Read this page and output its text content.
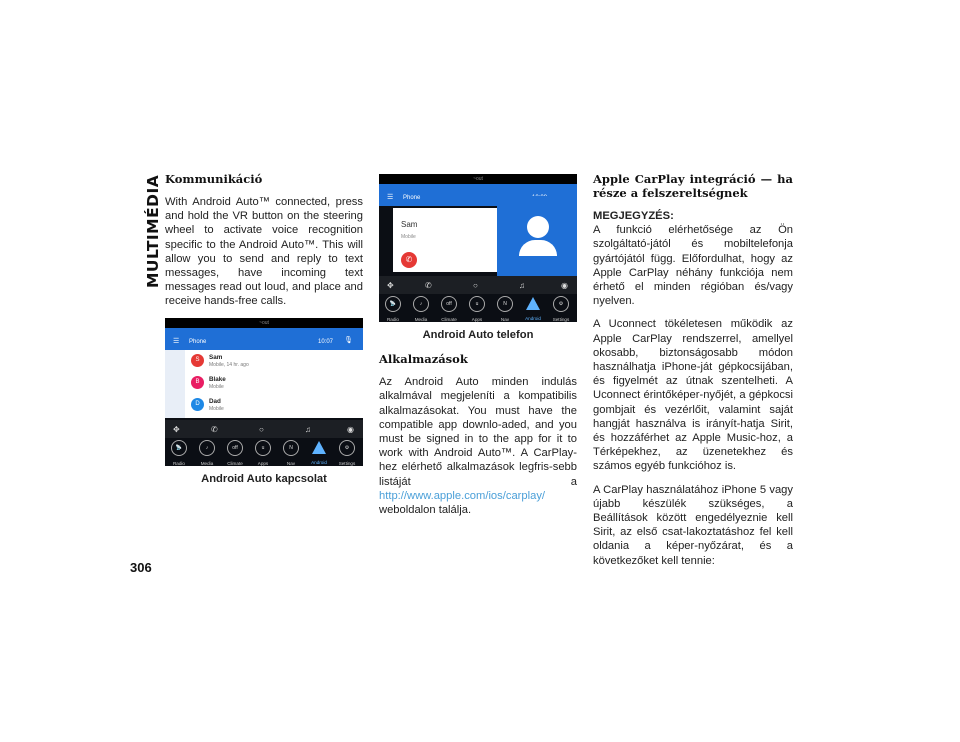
MULTIMÉDIA Kommunikáció

With Android Auto™ connected, press and hold the VR button on the steering wheel to activate voice recognition specific to the Android Auto™. This will allow you to send and reply to text messages, have incoming text messages read out loud, and place and receive hands-free calls.

~out
☰ Phone	10:07 🎙
S	Sam
Mobile, 14 hr. ago
B	Blake
Mobile
D	Dad
Mobile
✥	✆	○	♫	◉
📡
Radio
♪
Media
off
Climate
u
Apps
N
Nav	Android
⚙
Settings
Android Auto kapcsolat
~out
☰ Phone
Sam
Mobile
✆
✥	✆	○	♫	◉
📡
Radio
♪
Media
off
Climate
u
Apps
N
Nav	Android
⚙
Settings
Android Auto telefon
Alkalmazások

Az Android Auto minden indulás alkalmával megjeleníti a kompatibilis alkalmazásokat. You must have the compatible app downlo-aded, and you must be signed in to the app for it to work with Android Auto™. A CarPlay-hez elérhető alkalmazások legfris-sebb listáját a http://www.apple.com/ios/carplay/ weboldalon találja.

Apple CarPlay integráció — ha része a felszereltségnek

MEGJEGYZÉS:
A funkció elérhetősége az Ön szolgáltató-jától és mobiltelefonja gyártójától függ. Előfordulhat, hogy az Apple CarPlay néhány funkciója nem érhető el minden régióban és/vagy nyelven.

A Uconnect tökéletesen működik az Apple CarPlay rendszerrel, amellyel okosabb, biztonságosabb módon használhatja iPhone-ját gépkocsijában, és figyelmét az útnak szentelheti. A Uconnect érintőképer-nyőjét, a gépkocsi gombjait és vezérlőit, valamint saját hangját használva is irányít-hatja Sirit, és hozzáférhet az Apple Music-hoz, a Térképekhez, az üzenetekhez és számos egyéb funkcióhoz is.

A CarPlay használatához iPhone 5 vagy újabb készülék szükséges, a Beállítások között engedélyeznie kell Sirit, az első csat-lakoztatáshoz fel kell oldania a képer-nyőzárat, és a következőket kell tennie:

306
